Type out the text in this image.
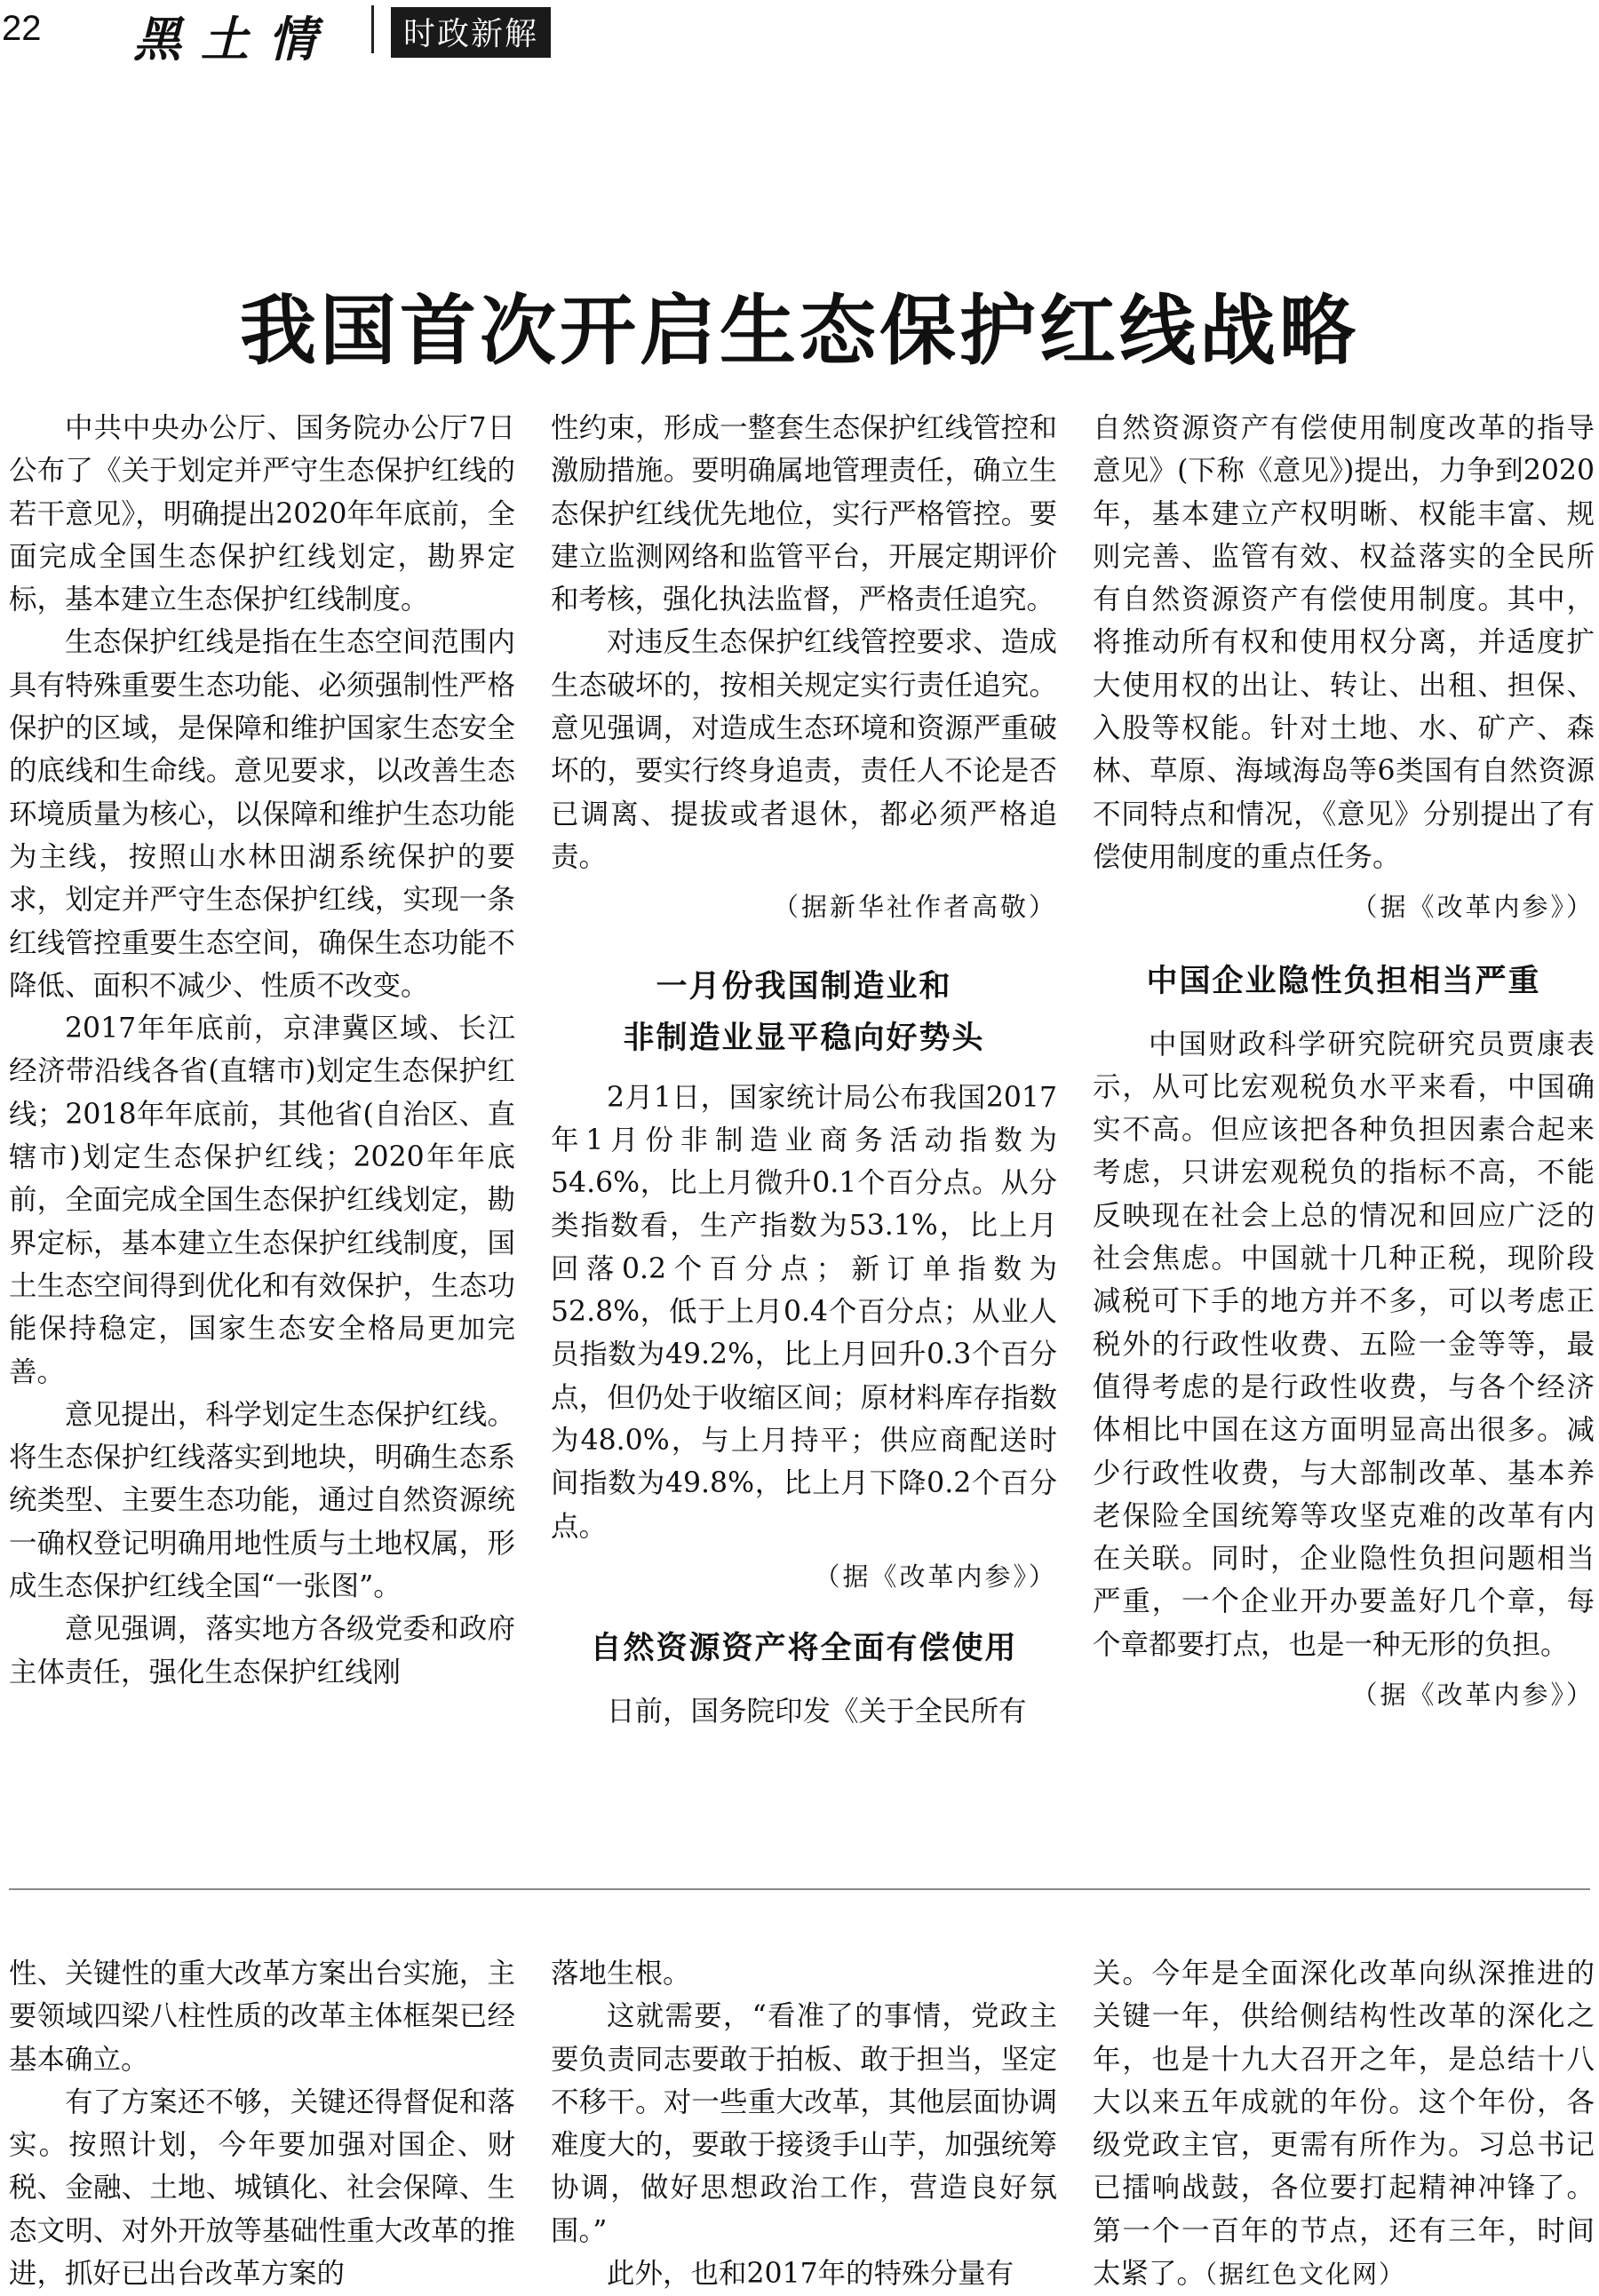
22 黑土情	时政新解
我国首次开启生态保护红线战略

中共中央办公厅、国务院办公厅7日公布了《关于划定并严守生态保护红线的若干意见》，明确提出2020年年底前，全面完成全国生态保护红线划定，勘界定标，基本建立生态保护红线制度。

生态保护红线是指在生态空间范围内具有特殊重要生态功能、必须强制性严格保护的区域，是保障和维护国家生态安全的底线和生命线。意见要求，以改善生态环境质量为核心，以保障和维护生态功能为主线，按照山水林田湖系统保护的要求，划定并严守生态保护红线，实现一条红线管控重要生态空间，确保生态功能不降低、面积不减少、性质不改变。

2017年年底前，京津冀区域、长江经济带沿线各省(直辖市)划定生态保护红线；2018年年底前，其他省(自治区、直辖市)划定生态保护红线；2020年年底前，全面完成全国生态保护红线划定，勘界定标，基本建立生态保护红线制度，国土生态空间得到优化和有效保护，生态功能保持稳定，国家生态安全格局更加完善。

意见提出，科学划定生态保护红线。将生态保护红线落实到地块，明确生态系统类型、主要生态功能，通过自然资源统一确权登记明确用地性质与土地权属，形成生态保护红线全国“一张图”。

意见强调，落实地方各级党委和政府主体责任，强化生态保护红线刚

性约束，形成一整套生态保护红线管控和激励措施。要明确属地管理责任，确立生态保护红线优先地位，实行严格管控。要建立监测网络和监管平台，开展定期评价和考核，强化执法监督，严格责任追究。

对违反生态保护红线管控要求、造成生态破坏的，按相关规定实行责任追究。意见强调，对造成生态环境和资源严重破坏的，要实行终身追责，责任人不论是否已调离、提拔或者退休，都必须严格追责。

（据新华社作者高敬）
一月份我国制造业和
非制造业显平稳向好势头

2月1日，国家统计局公布我国2017年1月份非制造业商务活动指数为54.6%，比上月微升0.1个百分点。从分类指数看，生产指数为53.1%，比上月回落0.2个百分点；新订单指数为52.8%，低于上月0.4个百分点；从业人员指数为49.2%，比上月回升0.3个百分点，但仍处于收缩区间；原材料库存指数为48.0%，与上月持平；供应商配送时间指数为49.8%，比上月下降0.2个百分点。

（据《改革内参》）
自然资源资产将全面有偿使用

日前，国务院印发《关于全民所有

自然资源资产有偿使用制度改革的指导意见》(下称《意见》)提出，力争到2020年，基本建立产权明晰、权能丰富、规则完善、监管有效、权益落实的全民所有自然资源资产有偿使用制度。其中，将推动所有权和使用权分离，并适度扩大使用权的出让、转让、出租、担保、入股等权能。针对土地、水、矿产、森林、草原、海域海岛等6类国有自然资源不同特点和情况，《意见》分别提出了有偿使用制度的重点任务。

（据《改革内参》）
中国企业隐性负担相当严重

中国财政科学研究院研究员贾康表示，从可比宏观税负水平来看，中国确实不高。但应该把各种负担因素合起来考虑，只讲宏观税负的指标不高，不能反映现在社会上总的情况和回应广泛的社会焦虑。中国就十几种正税，现阶段减税可下手的地方并不多，可以考虑正税外的行政性收费、五险一金等等，最值得考虑的是行政性收费，与各个经济体相比中国在这方面明显高出很多。减少行政性收费，与大部制改革、基本养老保险全国统筹等攻坚克难的改革有内在关联。同时，企业隐性负担问题相当严重，一个企业开办要盖好几个章，每个章都要打点，也是一种无形的负担。

（据《改革内参》）

性、关键性的重大改革方案出台实施，主要领域四梁八柱性质的改革主体框架已经基本确立。

有了方案还不够，关键还得督促和落实。按照计划，今年要加强对国企、财税、金融、土地、城镇化、社会保障、生态文明、对外开放等基础性重大改革的推进，抓好已出台改革方案的

落地生根。

这就需要，“看准了的事情，党政主要负责同志要敢于拍板、敢于担当，坚定不移干。对一些重大改革，其他层面协调难度大的，要敢于接烫手山芋，加强统筹协调，做好思想政治工作，营造良好氛围。”

此外，也和2017年的特殊分量有

关。今年是全面深化改革向纵深推进的关键一年，供给侧结构性改革的深化之年，也是十九大召开之年，是总结十八大以来五年成就的年份。这个年份，各级党政主官，更需有所作为。习总书记已擂响战鼓，各位要打起精神冲锋了。第一个一百年的节点，还有三年，时间太紧了。（据红色文化网）
